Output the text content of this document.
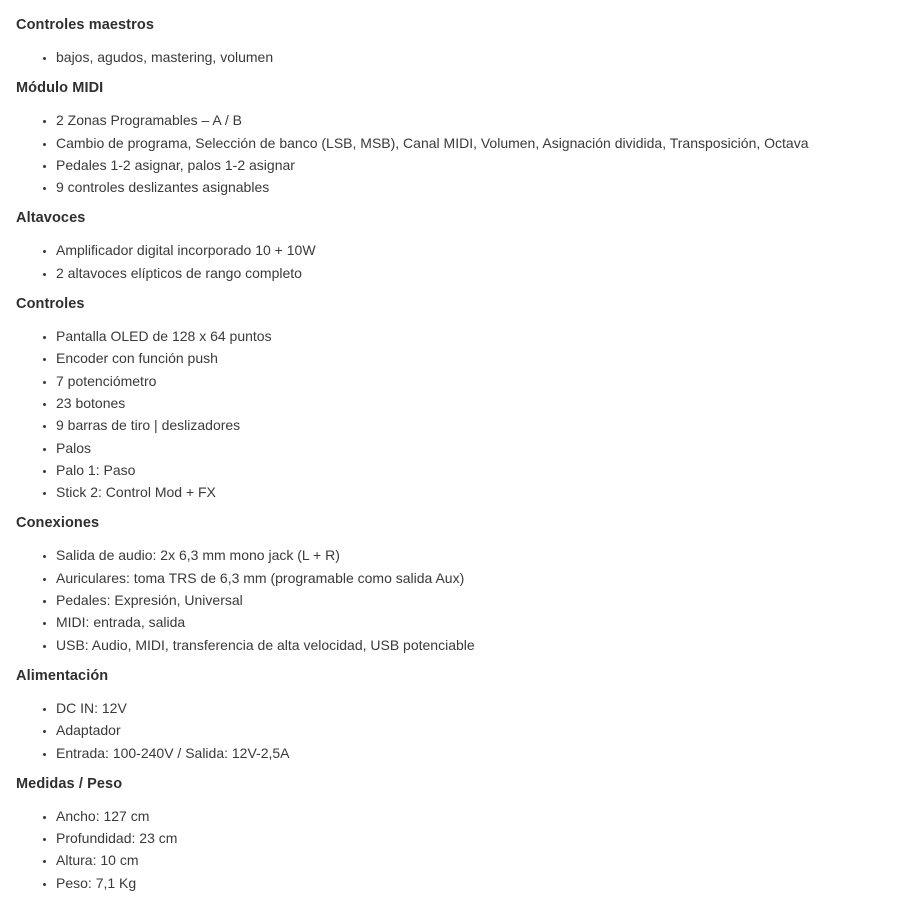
Controles maestros
• bajos, agudos, mastering, volumen
Módulo MIDI
• 2 Zonas Programables – A / B
• Cambio de programa, Selección de banco (LSB, MSB), Canal MIDI, Volumen, Asignación dividida, Transposición, Octava
• Pedales 1-2 asignar, palos 1-2 asignar
• 9 controles deslizantes asignables
Altavoces
• Amplificador digital incorporado 10 + 10W
• 2 altavoces elípticos de rango completo
Controles
• Pantalla OLED de 128 x 64 puntos
• Encoder con función push
• 7 potenciómetro
• 23 botones
• 9 barras de tiro | deslizadores
• Palos
• Palo 1: Paso
• Stick 2: Control Mod + FX
Conexiones
• Salida de audio: 2x 6,3 mm mono jack (L + R)
• Auriculares: toma TRS de 6,3 mm (programable como salida Aux)
• Pedales: Expresión, Universal
• MIDI: entrada, salida
• USB: Audio, MIDI, transferencia de alta velocidad, USB potenciable
Alimentación
• DC IN: 12V
• Adaptador
• Entrada: 100-240V / Salida: 12V-2,5A
Medidas / Peso
• Ancho: 127 cm
• Profundidad: 23 cm
• Altura: 10 cm
• Peso: 7,1 Kg
